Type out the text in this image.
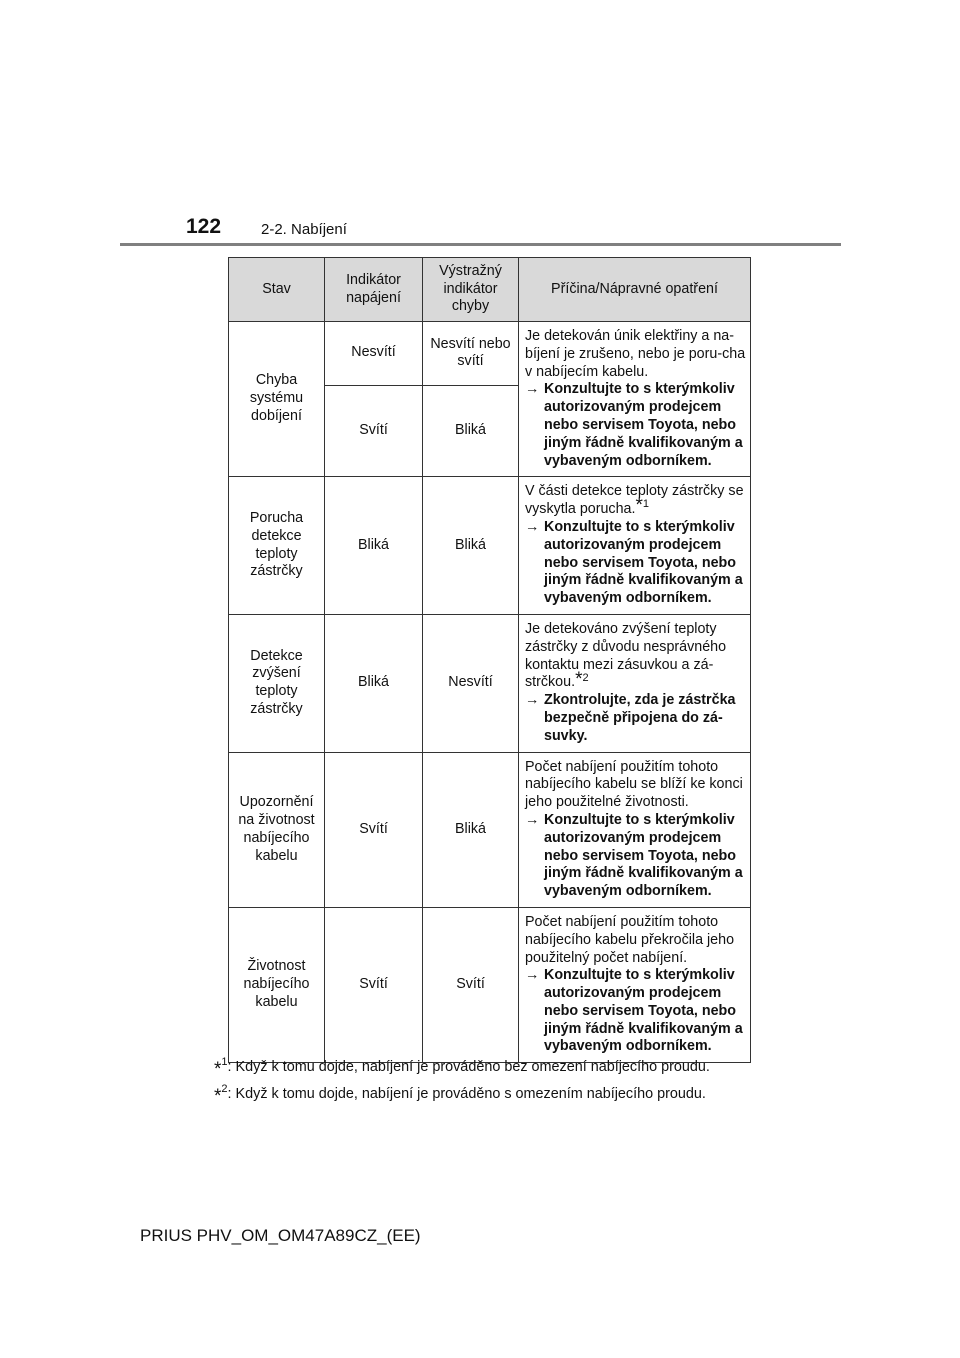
122	2-2. Nabíjení
Stav	Indikátor napájení	Výstražný indikátor chyby	Příčina/Nápravné opatření
Chyba systému dobíjení	Nesvítí	Nesvítí nebo svítí	Je detekován únik elektřiny a na-bíjení je zrušeno, nebo je poru-cha v nabíjecím kabelu.
→ Konzultujte to s kterýmkoliv autorizovaným prodejcem nebo servisem Toyota, nebo jiným řádně kvalifikovaným a vybaveným odborníkem.

	Svítí	Bliká	
Porucha detekce teploty zástrčky	Bliká	Bliká	V části detekce teploty zástrčky se vyskytla porucha.$^{*1}$
→ Konzultujte to s kterýmkoliv autorizovaným prodejcem nebo servisem Toyota, nebo jiným řádně kvalifikovaným a vybaveným odborníkem.

Detekce zvýšení teploty zástrčky	Bliká	Nesvítí	Je detekováno zvýšení teploty zástrčky z důvodu nesprávného kontaktu mezi zásuvkou a zá-strčkou.$^{*2}$
→ Zkontrolujte, zda je zástrčka bezpečně připojena do zá-suvky.

Upozornění na životnost nabíjecího kabelu	Svítí	Bliká	Počet nabíjení použitím tohoto nabíjecího kabelu se blíží ke konci jeho použitelné životnosti.
→ Konzultujte to s kterýmkoliv autorizovaným prodejcem nebo servisem Toyota, nebo jiným řádně kvalifikovaným a vybaveným odborníkem.

Životnost nabíjecího kabelu	Svítí	Svítí	Počet nabíjení použitím tohoto nabíjecího kabelu překročila jeho použitelný počet nabíjení.
→ Konzultujte to s kterýmkoliv autorizovaným prodejcem nebo servisem Toyota, nebo jiným řádně kvalifikovaným a vybaveným odborníkem.
*$^1$: Když k tomu dojde, nabíjení je prováděno bez omezení nabíjecího proudu.
*$^2$: Když k tomu dojde, nabíjení je prováděno s omezením nabíjecího proudu.
PRIUS PHV_OM_OM47A89CZ_(EE)
